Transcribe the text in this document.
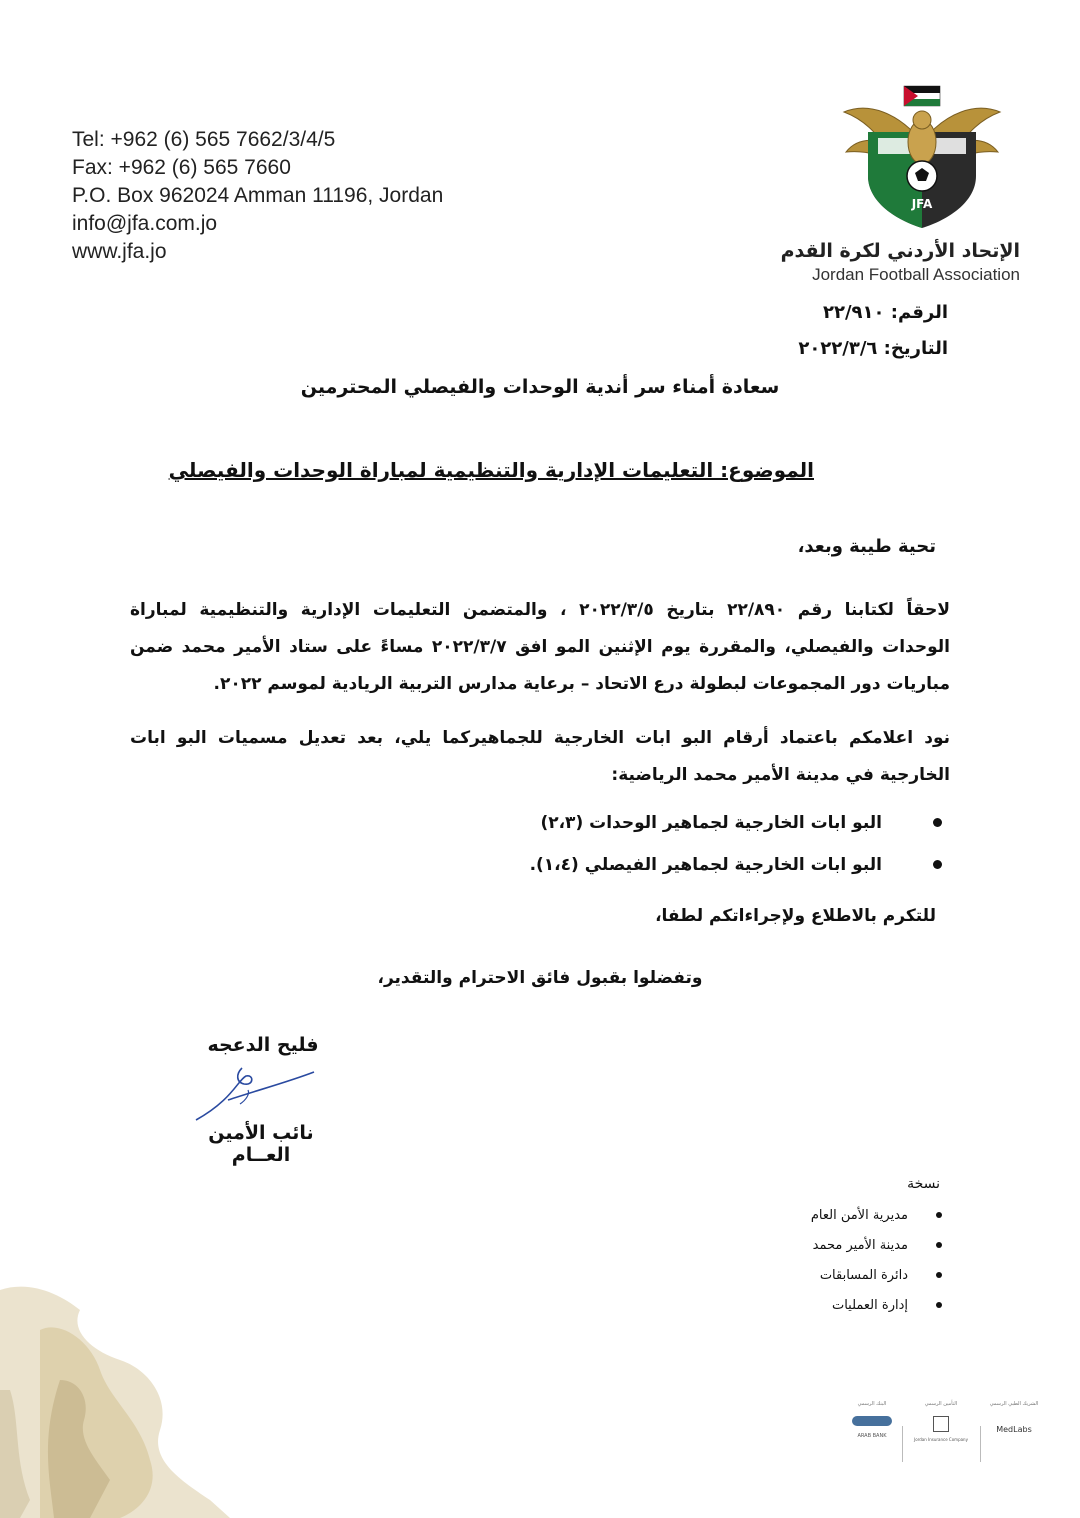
Tel: +962 (6) 565 7662/3/4/5
Fax: +962 (6) 565 7660
P.O. Box 962024 Amman 11196, Jordan
info@jfa.com.jo
www.jfa.jo
JFA
الإتحاد الأردني لكرة القدم
Jordan Football Association
الرقم: ٢٢/٩١٠
التاريخ: ٢٠٢٢/٣/٦
سعادة أمناء سر أندية الوحدات والفيصلي المحترمين
الموضوع: التعليمات الإدارية والتنظيمية لمباراة الوحدات والفيصلي
تحية طيبة وبعد،
لاحقاً لكتابنا رقم ٢٢/٨٩٠ بتاريخ ٢٠٢٢/٣/٥ ، والمتضمن التعليمات الإدارية والتنظيمية لمباراة الوحدات والفيصلي، والمقررة يوم الإثنين المو افق ٢٠٢٢/٣/٧ مساءً على ستاد الأمير محمد ضمن مباريات دور المجموعات لبطولة درع الاتحاد – برعاية مدارس التربية الريادية لموسم ٢٠٢٢.
نود اعلامكم باعتماد أرقام البو ابات الخارجية للجماهيركما يلي، بعد تعديل مسميات البو ابات الخارجية في مدينة الأمير محمد الرياضية:
البو ابات الخارجية لجماهير الوحدات (٢،٣)
البو ابات الخارجية لجماهير الفيصلي (١،٤).
للتكرم بالاطلاع ولإجراءاتكم لطفا،
وتفضلوا بقبول فائق الاحترام والتقدير،
فليح الدعجه
نائب الأمين العــام
نسخة
مديرية الأمن العام
مدينة الأمير محمد
دائرة المسابقات
إدارة العمليات
الشريك الطبي الرسمي
MedLabs
التأمين الرسمي
Jordan Insurance Company
البنك الرسمي
ARAB BANK
